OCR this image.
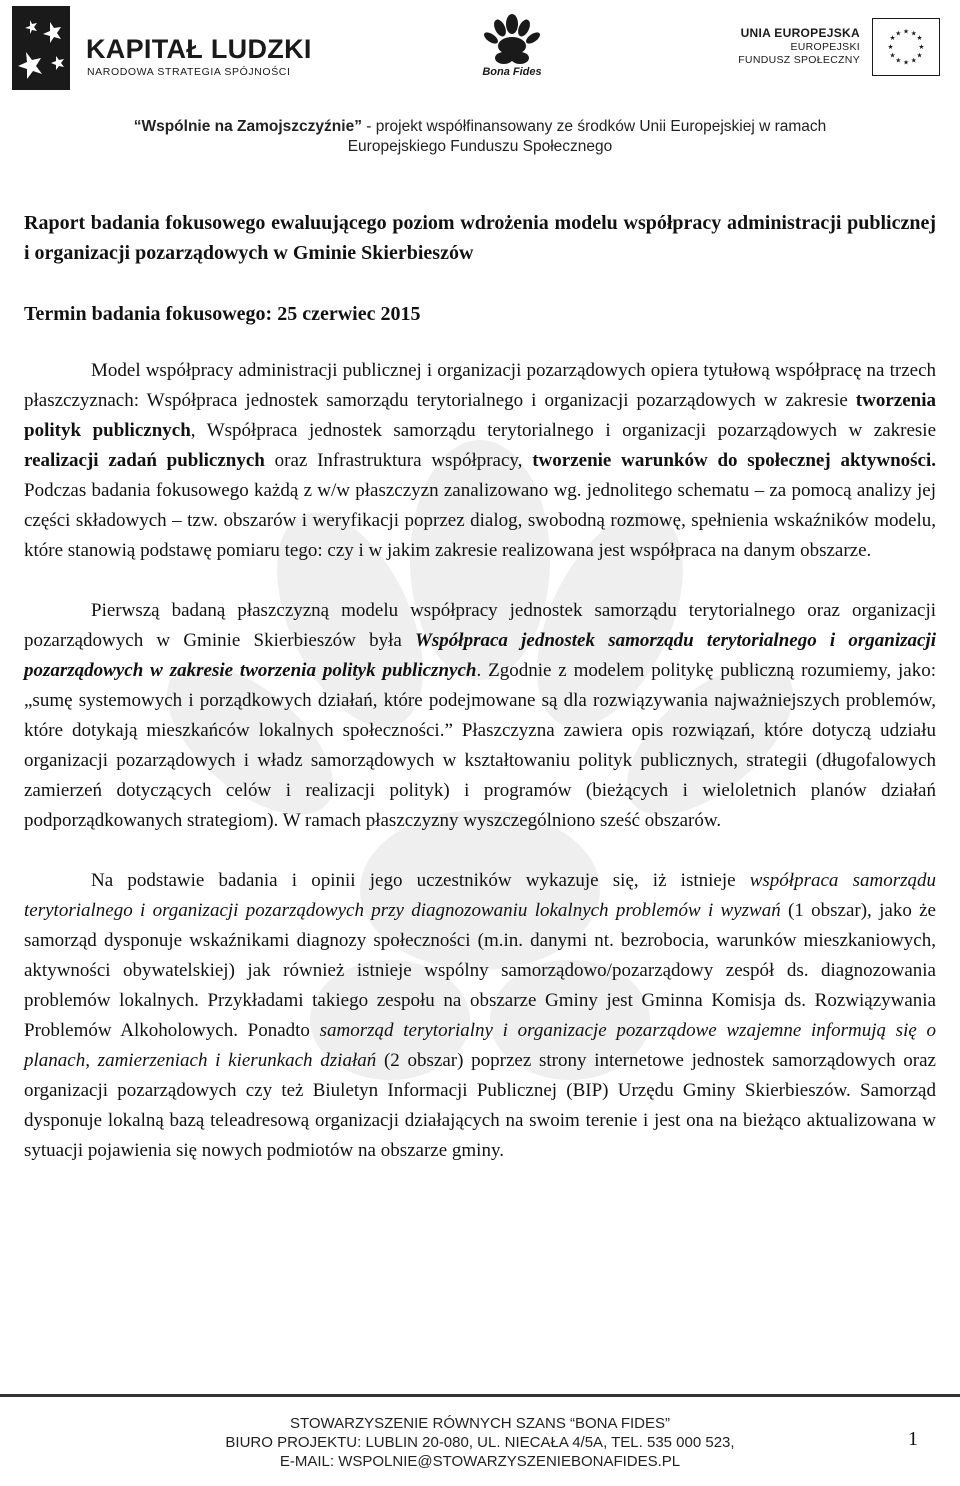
KAPITAŁ LUDZKI
NARODOWA STRATEGIA SPÓJNOŚCI	Bona Fides
UNIA EUROPEJSKA
EUROPEJSKI
FUNDUSZ SPOŁECZNY
★ ★
★
★
★
★
★
★
★
★
★
★
“Wspólnie na Zamojszczyźnie” - projekt współfinansowany ze środków Unii Europejskiej w ramach
Europejskiego Funduszu Społecznego

Raport badania fokusowego ewaluującego poziom wdrożenia modelu współpracy administracji publicznej i organizacji pozarządowych w Gminie Skierbieszów

Termin badania fokusowego: 25 czerwiec 2015

Model współpracy administracji publicznej i organizacji pozarządowych opiera tytułową współpracę na trzech płaszczyznach: Współpraca jednostek samorządu terytorialnego i organizacji pozarządowych w zakresie tworzenia polityk publicznych, Współpraca jednostek samorządu terytorialnego i organizacji pozarządowych w zakresie realizacji zadań publicznych oraz Infrastruktura współpracy, tworzenie warunków do społecznej aktywności. Podczas badania fokusowego każdą z w/w płaszczyzn zanalizowano wg. jednolitego schematu – za pomocą analizy jej części składowych – tzw. obszarów i weryfikacji poprzez dialog, swobodną rozmowę, spełnienia wskaźników modelu, które stanowią podstawę pomiaru tego: czy i w jakim zakresie realizowana jest współpraca na danym obszarze.

Pierwszą badaną płaszczyzną modelu współpracy jednostek samorządu terytorialnego oraz organizacji pozarządowych w Gminie Skierbieszów była Współpraca jednostek samorządu terytorialnego i organizacji pozarządowych w zakresie tworzenia polityk publicznych. Zgodnie z modelem politykę publiczną rozumiemy, jako: „sumę systemowych i porządkowych działań, które podejmowane są dla rozwiązywania najważniejszych problemów, które dotykają mieszkańców lokalnych społeczności.” Płaszczyzna zawiera opis rozwiązań, które dotyczą udziału organizacji pozarządowych i władz samorządowych w kształtowaniu polityk publicznych, strategii (długofalowych zamierzeń dotyczących celów i realizacji polityk) i programów (bieżących i wieloletnich planów działań podporządkowanych strategiom). W ramach płaszczyzny wyszczególniono sześć obszarów.

Na podstawie badania i opinii jego uczestników wykazuje się, iż istnieje współpraca samorządu terytorialnego i organizacji pozarządowych przy diagnozowaniu lokalnych problemów i wyzwań (1 obszar), jako że samorząd dysponuje wskaźnikami diagnozy społeczności (m.in. danymi nt. bezrobocia, warunków mieszkaniowych, aktywności obywatelskiej) jak również istnieje wspólny samorządowo/pozarządowy zespół ds. diagnozowania problemów lokalnych. Przykładami takiego zespołu na obszarze Gminy jest Gminna Komisja ds. Rozwiązywania Problemów Alkoholowych. Ponadto samorząd terytorialny i organizacje pozarządowe wzajemne informują się o planach, zamierzeniach i kierunkach działań (2 obszar) poprzez strony internetowe jednostek samorządowych oraz organizacji pozarządowych czy też Biuletyn Informacji Publicznej (BIP) Urzędu Gminy Skierbieszów. Samorząd dysponuje lokalną bazą teleadresową organizacji działających na swoim terenie i jest ona na bieżąco aktualizowana w sytuacji pojawienia się nowych podmiotów na obszarze gminy.

STOWARZYSZENIE RÓWNYCH SZANS “BONA FIDES”
BIURO PROJEKTU: LUBLIN 20-080, UL. NIECAŁA 4/5A, TEL. 535 000 523,
E-MAIL: WSPOLNIE@STOWARZYSZENIEBONAFIDES.PL
1
